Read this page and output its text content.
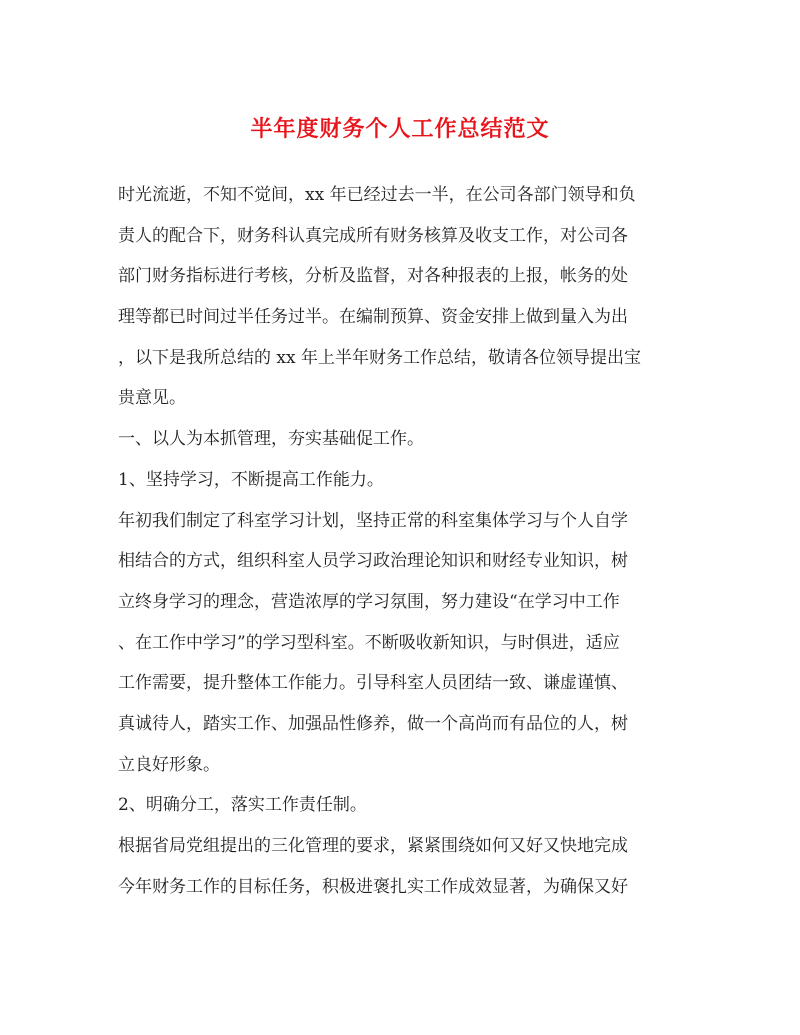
半年度财务个人工作总结范文
时光流逝，不知不觉间，xx 年已经过去一半，在公司各部门领导和负
责人的配合下，财务科认真完成所有财务核算及收支工作，对公司各
部门财务指标进行考核，分析及监督，对各种报表的上报，帐务的处
理等都已时间过半任务过半。在编制预算、资金安排上做到量入为出
，以下是我所总结的 xx 年上半年财务工作总结，敬请各位领导提出宝
贵意见。
一、以人为本抓管理，夯实基础促工作。
1、坚持学习，不断提高工作能力。
年初我们制定了科室学习计划，坚持正常的科室集体学习与个人自学
相结合的方式，组织科室人员学习政治理论知识和财经专业知识，树
立终身学习的理念，营造浓厚的学习氛围，努力建设“在学习中工作
、在工作中学习”的学习型科室。不断吸收新知识，与时俱进，适应
工作需要，提升整体工作能力。引导科室人员团结一致、谦虚谨慎、
真诚待人，踏实工作、加强品性修养，做一个高尚而有品位的人，树
立良好形象。
2、明确分工，落实工作责任制。
根据省局党组提出的三化管理的要求，紧紧围绕如何又好又快地完成
今年财务工作的目标任务，积极进褒扎实工作成效显著，为确保又好
